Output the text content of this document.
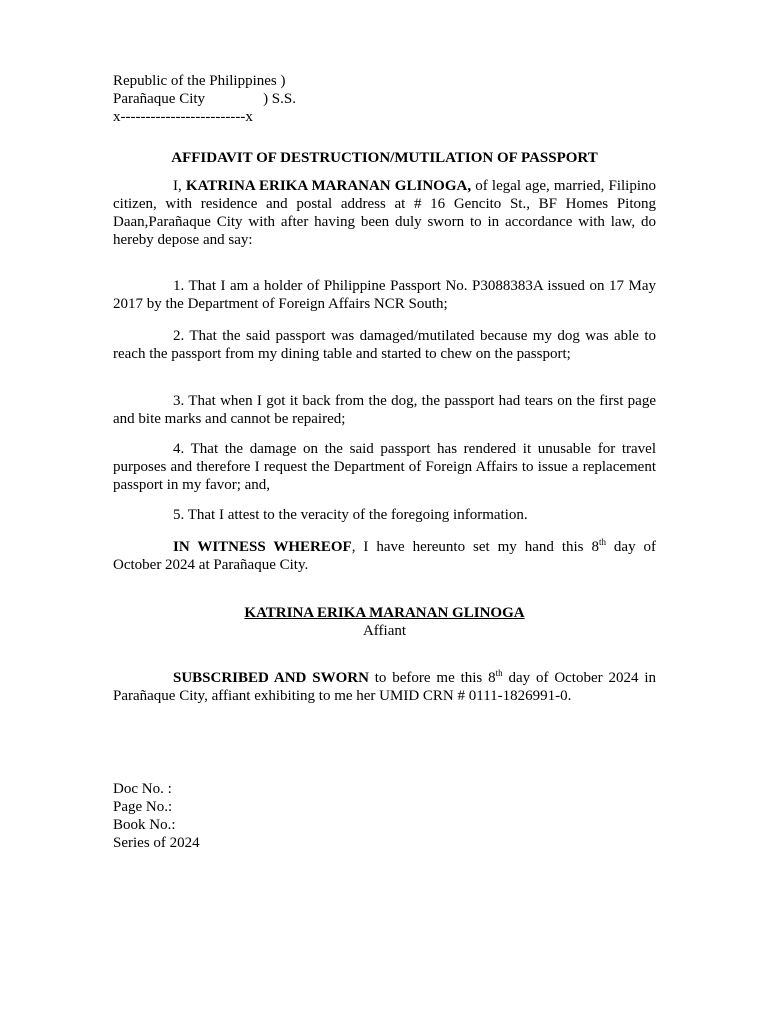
Republic of the Philippines )
Parañaque City	) S.S.
x-------------------------x
AFFIDAVIT OF DESTRUCTION/MUTILATION OF PASSPORT

I, KATRINA ERIKA MARANAN GLINOGA, of legal age, married, Filipino citizen, with residence and postal address at # 16 Gencito St., BF Homes Pitong Daan,Parañaque City with after having been duly sworn to in accordance with law, do hereby depose and say:

1. That I am a holder of Philippine Passport No. P3088383A issued on 17 May 2017 by the Department of Foreign Affairs NCR South;

2. That the said passport was damaged/mutilated because my dog was able to reach the passport from my dining table and started to chew on the passport;

3. That when I got it back from the dog, the passport had tears on the first page and bite marks and cannot be repaired;

4. That the damage on the said passport has rendered it unusable for travel purposes and therefore I request the Department of Foreign Affairs to issue a replacement passport in my favor; and,

5. That I attest to the veracity of the foregoing information.

IN WITNESS WHEREOF, I have hereunto set my hand this 8th day of October 2024 at Parañaque City.

KATRINA ERIKA MARANAN GLINOGA
Affiant

SUBSCRIBED AND SWORN to before me this 8th day of October 2024 in Parañaque City, affiant exhibiting to me her UMID CRN # 0111-1826991-0.

Doc No. :
Page No.:
Book No.:
Series of 2024
